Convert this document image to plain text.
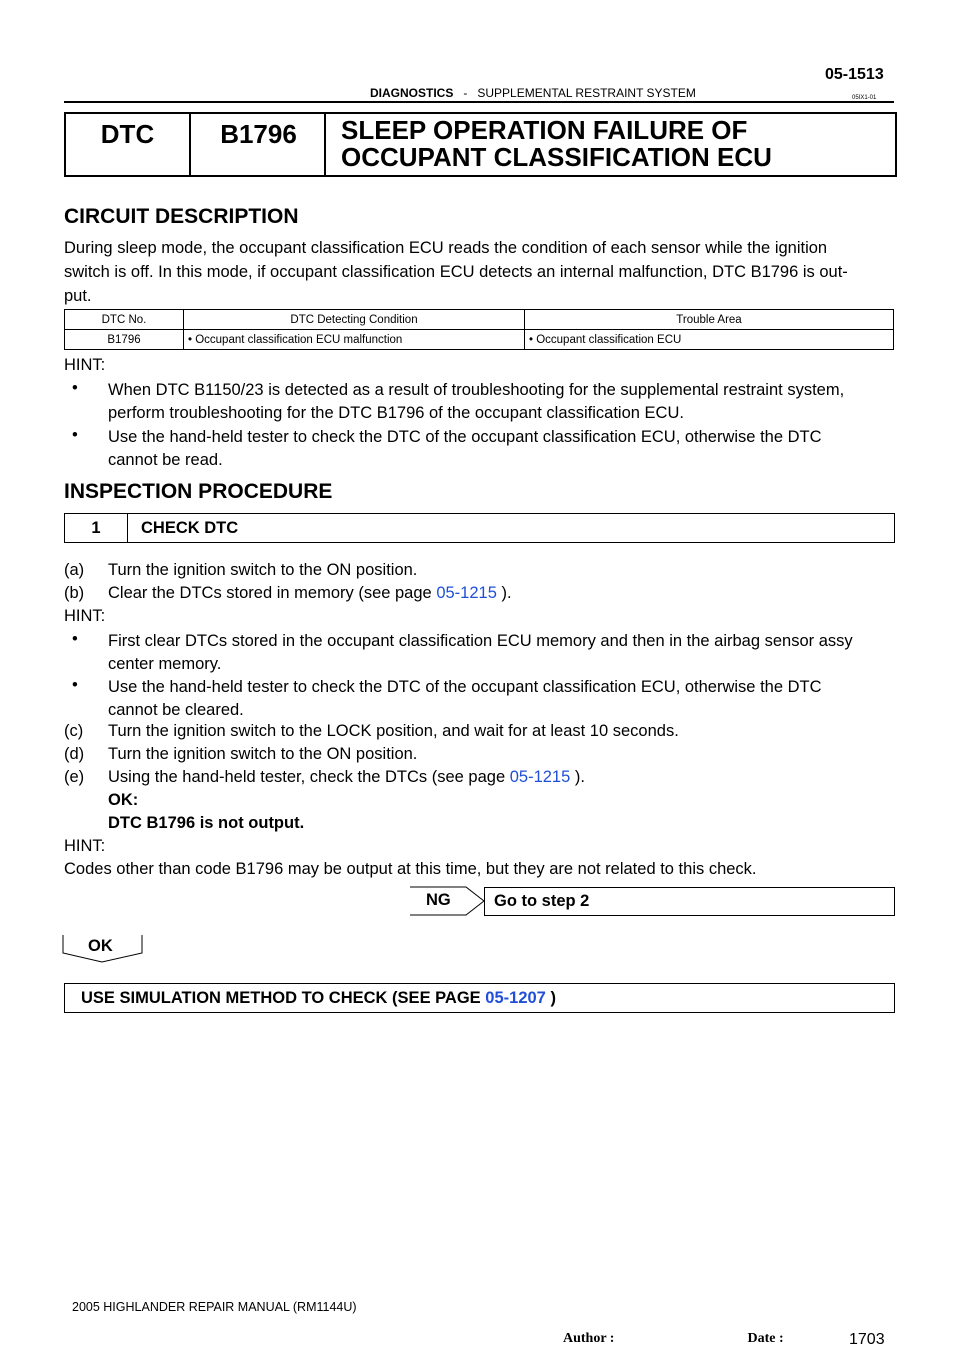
05-1513
DIAGNOSTICS - SUPPLEMENTAL RESTRAINT SYSTEM	05IX1-01
DTC	B1796	SLEEP OPERATION FAILURE OF
OCCUPANT CLASSIFICATION ECU
CIRCUIT DESCRIPTION
During sleep mode, the occupant classification ECU reads the condition of each sensor while the ignition
switch is off. In this mode, if occupant classification ECU detects an internal malfunction, DTC B1796 is out-
put.
DTC No.	DTC Detecting Condition	Trouble Area
B1796	• Occupant classification ECU malfunction	• Occupant classification ECU
HINT:
• When DTC B1150/23 is detected as a result of troubleshooting for the supplemental restraint system,
perform troubleshooting for the DTC B1796 of the occupant classification ECU.
• Use the hand-held tester to check the DTC of the occupant classification ECU, otherwise the DTC
cannot be read.
INSPECTION PROCEDURE
1	CHECK DTC
(a) Turn the ignition switch to the ON position.
(b) Clear the DTCs stored in memory (see page 05-1215 ).
HINT:
• First clear DTCs stored in the occupant classification ECU memory and then in the airbag sensor assy
center memory.
• Use the hand-held tester to check the DTC of the occupant classification ECU, otherwise the DTC
cannot be cleared.
(c) Turn the ignition switch to the LOCK position, and wait for at least 10 seconds.
(d) Turn the ignition switch to the ON position.
(e) Using the hand-held tester, check the DTCs (see page 05-1215 ).
OK:
DTC B1796 is not output.
HINT:
Codes other than code B1796 may be output at this time, but they are not related to this check.
NG	Go to step 2
OK
USE SIMULATION METHOD TO CHECK (SEE PAGE 05-1207 )
2005 HIGHLANDER REPAIR MANUAL (RM1144U)
Author :	Date :	1703
